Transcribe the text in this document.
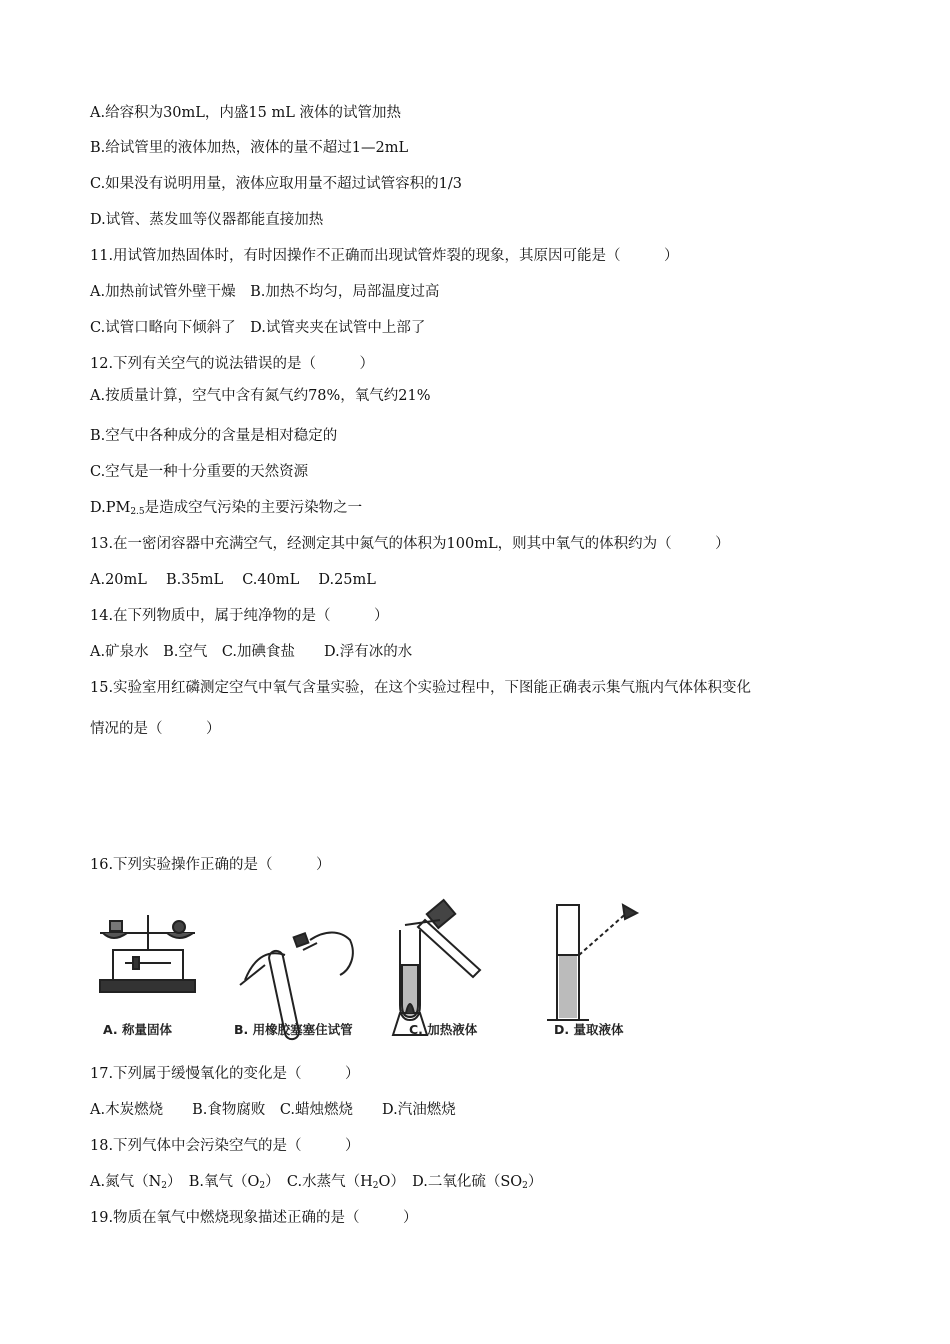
A.给容积为30mL，内盛15 mL 液体的试管加热
B.给试管里的液体加热，液体的量不超过1—2mL
C.如果没有说明用量，液体应取用量不超过试管容积的1/3
D.试管、蒸发皿等仪器都能直接加热
11.用试管加热固体时，有时因操作不正确而出现试管炸裂的现象，其原因可能是（　　　）
A.加热前试管外壁干燥　B.加热不均匀，局部温度过高
C.试管口略向下倾斜了　D.试管夹夹在试管中上部了
12.下列有关空气的说法错误的是（　　　）
A.按质量计算，空气中含有氮气约78%，氧气约21%
B.空气中各种成分的含量是相对稳定的
C.空气是一种十分重要的天然资源
$D.PM_{2.5}$是造成空气污染的主要污染物之一
13.在一密闭容器中充满空气，经测定其中氮气的体积为100mL，则其中氧气的体积约为（　　　）
A.20mL　 B.35mL　 C.40mL　 D.25mL
14.在下列物质中，属于纯净物的是（　　　）
A.矿泉水　B.空气　C.加碘食盐　　D.浮有冰的水
15.实验室用红磷测定空气中氧气含量实验，在这个实验过程中，下图能正确表示集气瓶内气体体积变化
情况的是（　　　）
16.下列实验操作正确的是（　　　）
A. 称量固体	B. 用橡胶塞塞住试管	C. 加热液体	D. 量取液体
17.下列属于缓慢氧化的变化是（　　　）
A.木炭燃烧　　B.食物腐败　C.蜡烛燃烧　　D.汽油燃烧
18.下列气体中会污染空气的是（　　　）
A.氮气$(N_2)$　B.氧气$(O_2)$　C.水蒸气$(H_2O)$　D.二氧化硫$(SO_2)$
19.物质在氧气中燃烧现象描述正确的是（　　　）
